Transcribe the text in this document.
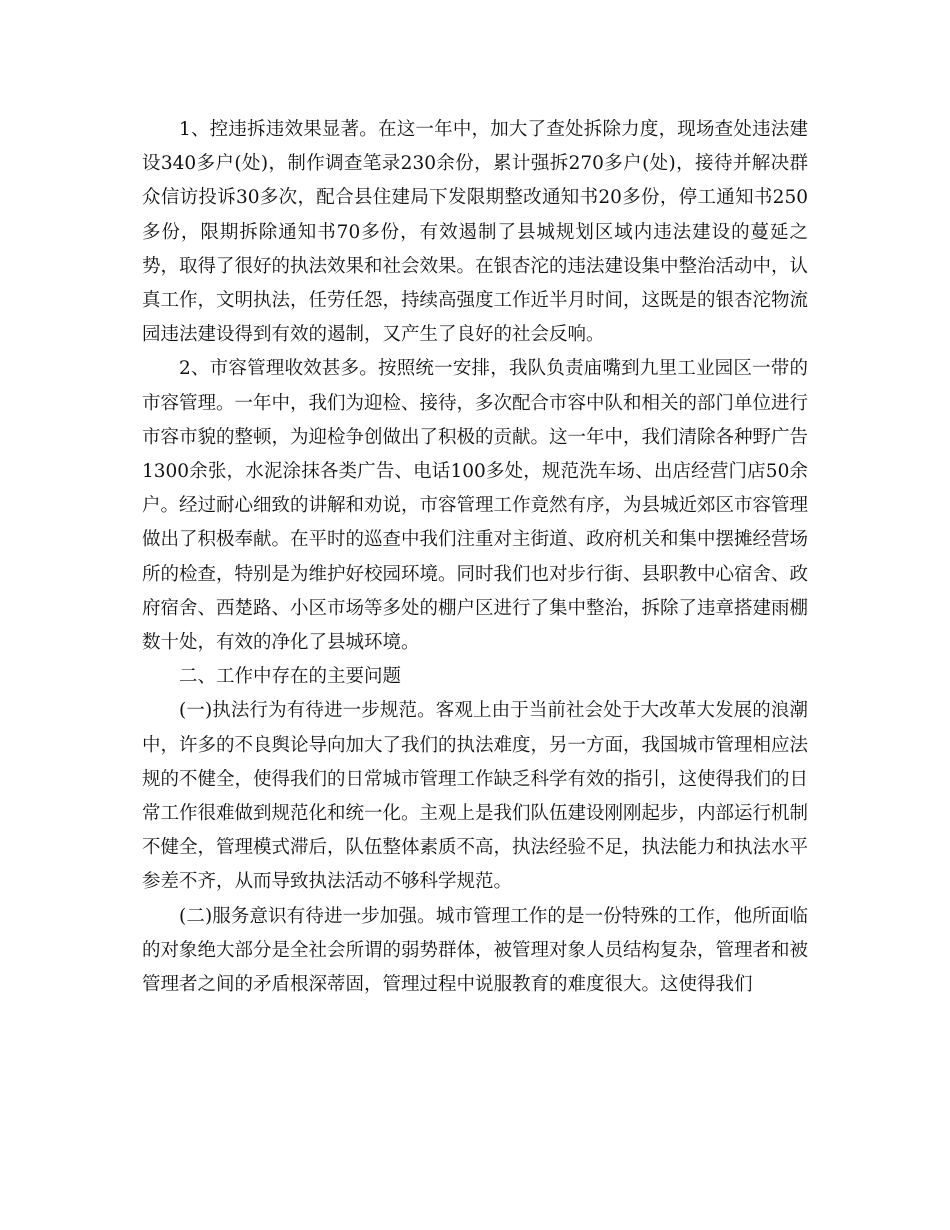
1、控违拆违效果显著。在这一年中，加大了查处拆除力度，现场查处违法建设340多户(处)，制作调查笔录230余份，累计强拆270多户(处)，接待并解决群众信访投诉30多次，配合县住建局下发限期整改通知书20多份，停工通知书250多份，限期拆除通知书70多份，有效遏制了县城规划区域内违法建设的蔓延之势，取得了很好的执法效果和社会效果。在银杏沱的违法建设集中整治活动中，认真工作，文明执法，任劳任怨，持续高强度工作近半月时间，这既是的银杏沱物流园违法建设得到有效的遏制，又产生了良好的社会反响。

2、市容管理收效甚多。按照统一安排，我队负责庙嘴到九里工业园区一带的市容管理。一年中，我们为迎检、接待，多次配合市容中队和相关的部门单位进行市容市貌的整顿，为迎检争创做出了积极的贡献。这一年中，我们清除各种野广告1300余张，水泥涂抹各类广告、电话100多处，规范洗车场、出店经营门店50余户。经过耐心细致的讲解和劝说，市容管理工作竟然有序，为县城近郊区市容管理做出了积极奉献。在平时的巡查中我们注重对主街道、政府机关和集中摆摊经营场所的检查，特别是为维护好校园环境。同时我们也对步行街、县职教中心宿舍、政府宿舍、西楚路、小区市场等多处的棚户区进行了集中整治，拆除了违章搭建雨棚数十处，有效的净化了县城环境。

二、工作中存在的主要问题

(一)执法行为有待进一步规范。客观上由于当前社会处于大改革大发展的浪潮中，许多的不良舆论导向加大了我们的执法难度，另一方面，我国城市管理相应法规的不健全，使得我们的日常城市管理工作缺乏科学有效的指引，这使得我们的日常工作很难做到规范化和统一化。主观上是我们队伍建设刚刚起步，内部运行机制不健全，管理模式滞后，队伍整体素质不高，执法经验不足，执法能力和执法水平参差不齐，从而导致执法活动不够科学规范。

(二)服务意识有待进一步加强。城市管理工作的是一份特殊的工作，他所面临的对象绝大部分是全社会所谓的弱势群体，被管理对象人员结构复杂，管理者和被管理者之间的矛盾根深蒂固，管理过程中说服教育的难度很大。这使得我们
